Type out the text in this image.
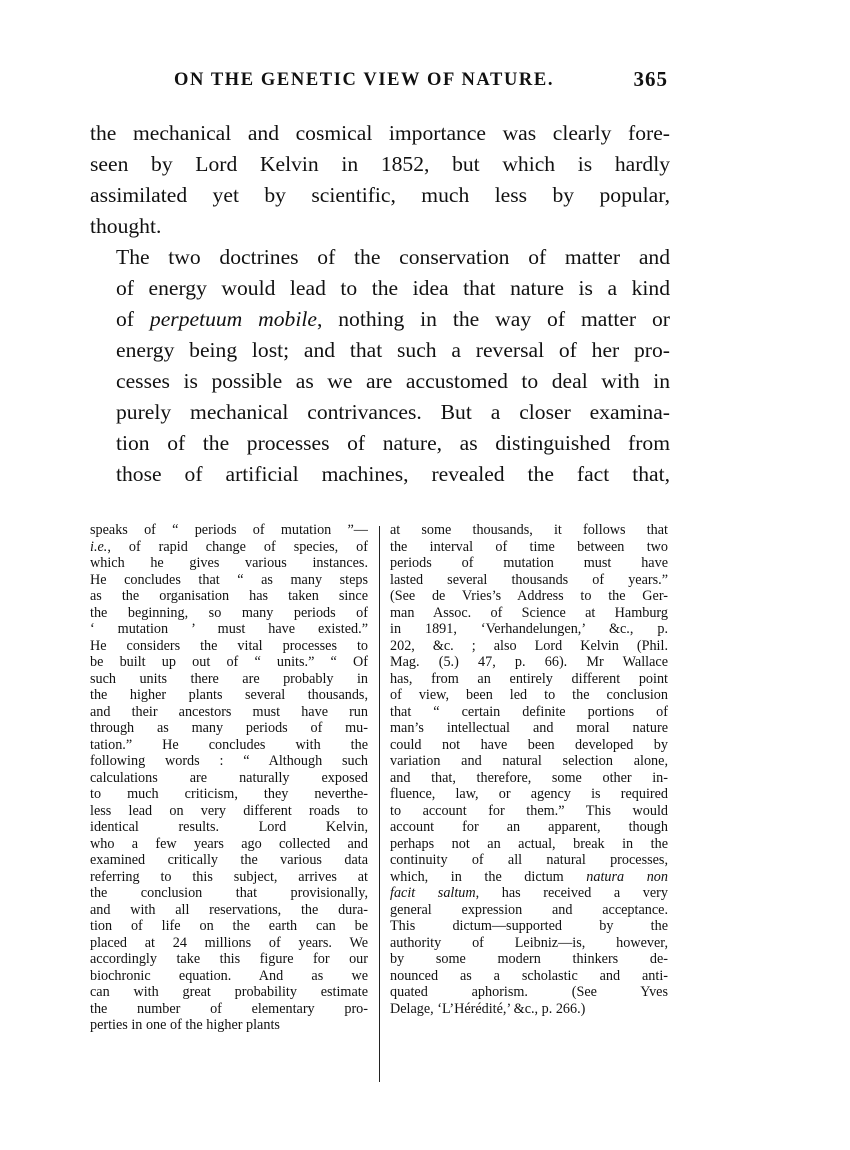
ON THE GENETIC VIEW OF NATURE.	365

the mechanical and cosmical importance was clearly fore-
seen by Lord Kelvin in 1852, but which is hardly
assimilated yet by scientific, much less by popular,
thought.

The two doctrines of the conservation of matter and
of energy would lead to the idea that nature is a kind
of perpetuum mobile, nothing in the way of matter or
energy being lost; and that such a reversal of her pro-
cesses is possible as we are accustomed to deal with in
purely mechanical contrivances. But a closer examina-
tion of the processes of nature, as distinguished from
those of artificial machines, revealed the fact that,

speaks of “ periods of mutation ”—
i.e., of rapid change of species, of
which he gives various instances.
He concludes that “ as many steps
as the organisation has taken since
the beginning, so many periods of
‘ mutation ’ must have existed.”
He considers the vital processes to
be built up out of “ units.” “ Of
such units there are probably in
the higher plants several thousands,
and their ancestors must have run
through as many periods of mu-
tation.” He concludes with the
following words : “ Although such
calculations are naturally exposed
to much criticism, they neverthe-
less lead on very different roads to
identical results. Lord Kelvin,
who a few years ago collected and
examined critically the various data
referring to this subject, arrives at
the conclusion that provisionally,
and with all reservations, the dura-
tion of life on the earth can be
placed at 24 millions of years. We
accordingly take this figure for our
biochronic equation. And as we
can with great probability estimate
the number of elementary pro-
perties in one of the higher plants
at some thousands, it follows that
the interval of time between two
periods of mutation must have
lasted several thousands of years.”
(See de Vries’s Address to the Ger-
man Assoc. of Science at Hamburg
in 1891, ‘Verhandelungen,’ &c., p.
202, &c. ; also Lord Kelvin (Phil.
Mag. (5.) 47, p. 66). Mr Wallace
has, from an entirely different point
of view, been led to the conclusion
that “ certain definite portions of
man’s intellectual and moral nature
could not have been developed by
variation and natural selection alone,
and that, therefore, some other in-
fluence, law, or agency is required
to account for them.” This would
account for an apparent, though
perhaps not an actual, break in the
continuity of all natural processes,
which, in the dictum natura non
facit saltum, has received a very
general expression and acceptance.
This dictum—supported by the
authority of Leibniz—is, however,
by some modern thinkers de-
nounced as a scholastic and anti-
quated aphorism. (See Yves
Delage, ‘L’Hérédité,’ &c., p. 266.)
